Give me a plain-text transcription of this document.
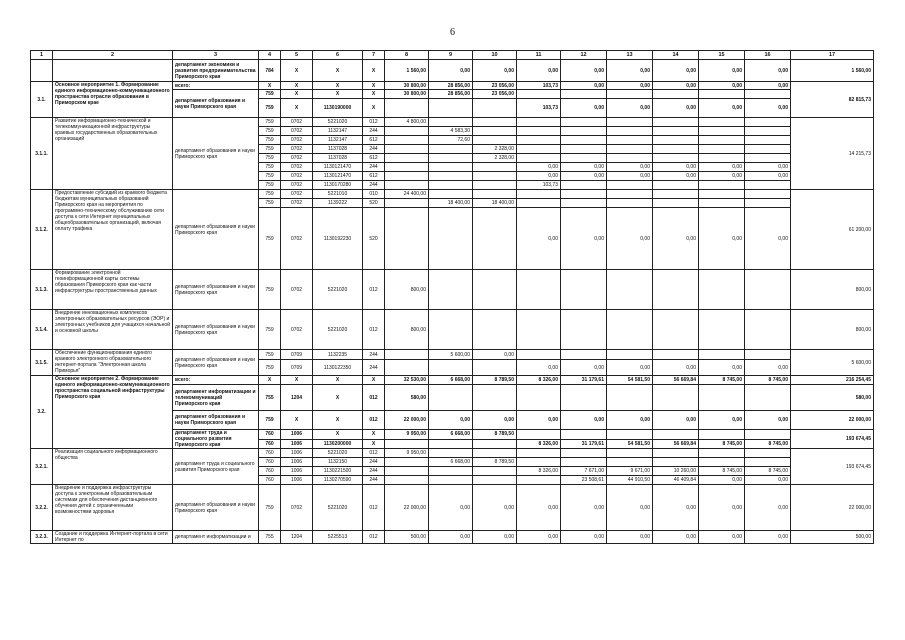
6
1	2	3	4	5	6	7	8	9	10	11	12	13	14	15	16	17
		департамент экономики и развития предпринимательства Приморского края	784	X	X	X	1 560,00	0,00	0,00	0,00	0,00	0,00	0,00	0,00	0,00	1 560,00
3.1.	Основное мероприятие 1. Формирование единого информационно-коммуникационного пространства отрасли образования в Приморском крае	всего:	X	X	X	X	30 800,00	28 856,00	23 056,00	103,73	0,00	0,00	0,00	0,00	0,00	82 815,73
		департамент образования и науки Приморского края	759	X	X	X	30 800,00	28 856,00	23 056,00							
			759	X	1130190000	X				103,73	0,00	0,00	0,00	0,00	0,00	
3.1.1.	Развитие информационно-технической и телекоммуникационной инфраструктуры краевых государственных образовательных организаций	департамент образования и науки Приморского края	759	0702	5221020	012	4 800,00									14 215,73
			759	0702	1132147	244		4 583,30								
			759	0702	1132147	612		72,60								
			759	0702	1137028	244			2 328,00							
			759	0702	1137028	612			2 328,00							
			759	0702	1130121470	244				0,00	0,00	0,00	0,00	0,00	0,00	
			759	0702	1130121470	612				0,00	0,00	0,00	0,00	0,00	0,00	
			759	0702	1130170280	244				103,73						
3.1.2.	Предоставление субсидий из краевого бюджета бюджетам муниципальных образований Приморского края на мероприятия по программно-техническому обслуживанию сети доступа к сети Интернет муниципальных общеобразовательных организаций, включая оплату трафика	департамент образования и науки Приморского края	759	0702	5221010	010	24 400,00									61 200,00
			759	0702	1139222	520		18 400,00	18 400,00							
			759	0702	1130192230	520				0,00	0,00	0,00	0,00	0,00	0,00	
3.1.3.	Формирование электронной геоинформационной карты системы образования Приморского края как части инфраструктуры пространственных данных	департамент образования и науки Приморского края	759	0702	5221020	012	800,00									800,00
3.1.4.	Внедрение инновационных комплексов электронных образовательных ресурсов (ЭОР) и электронных учебников для учащихся начальной и основной школы	департамент образования и науки Приморского края	759	0702	5221020	012	800,00									800,00
3.1.5.	Обеспечение функционирования единого краевого электронного образовательного интернет-портала "Электронная школа Приморья"	департамент образования и науки Приморского края	759	0709	1132235	244		5 600,00	0,00							5 600,00
			759	0709	1130122350	244				0,00	0,00	0,00	0,00	0,00	0,00	
3.2.	Основное мероприятие 2. Формирование единого информационно-коммуникационного пространства социальной инфраструктуры Приморского края	всего:	X	X	X	X	32 530,00	6 668,00	8 789,50	8 326,00	31 179,61	54 581,50	56 669,84	8 745,00	8 745,00	216 254,45
		департамент информатизации и телекоммуникаций Приморского края	755	1204	X	012	580,00									580,00
		департамент образования и науки Приморского края	759	X	X	012	22 000,00	0,00	0,00	0,00	0,00	0,00	0,00	0,00	0,00	22 000,00
		департамент труда и социального развития Приморского края	760	1006	X	X	9 950,00	6 668,00	8 789,50							193 674,45
			760	1006	1130200000	X				8 326,00	31 179,61	54 581,50	56 669,84	8 745,00	8 745,00	
3.2.1.	Реализация социального информационного общества	департамент труда и социального развития Приморского края	760	1006	5221020	012	9 950,00									193 674,45
			760	1006	1132150	244		6 668,00	8 789,50							
			760	1006	1130221500	244				8 326,00	7 671,00	9 671,00	10 260,00	8 745,00	8 745,00	
			760	1006	1130270590	244					23 508,61	44 910,50	46 409,84	0,00	0,00	
3.2.2.	Внедрение и поддержка инфраструктуры доступа к электронным образовательным системам для обеспечения дистанционного обучения детей с ограниченными возможностями здоровья	департамент образования и науки Приморского края	759	0702	5221020	012	22 000,00	0,00	0,00	0,00	0,00	0,00	0,00	0,00	0,00	22 000,00
3.2.3.	Создание и поддержка Интернет-портала в сети Интернет по	департамент информатизации и	755	1204	5225513	012	500,00	0,00	0,00	0,00	0,00	0,00	0,00	0,00	0,00	500,00
